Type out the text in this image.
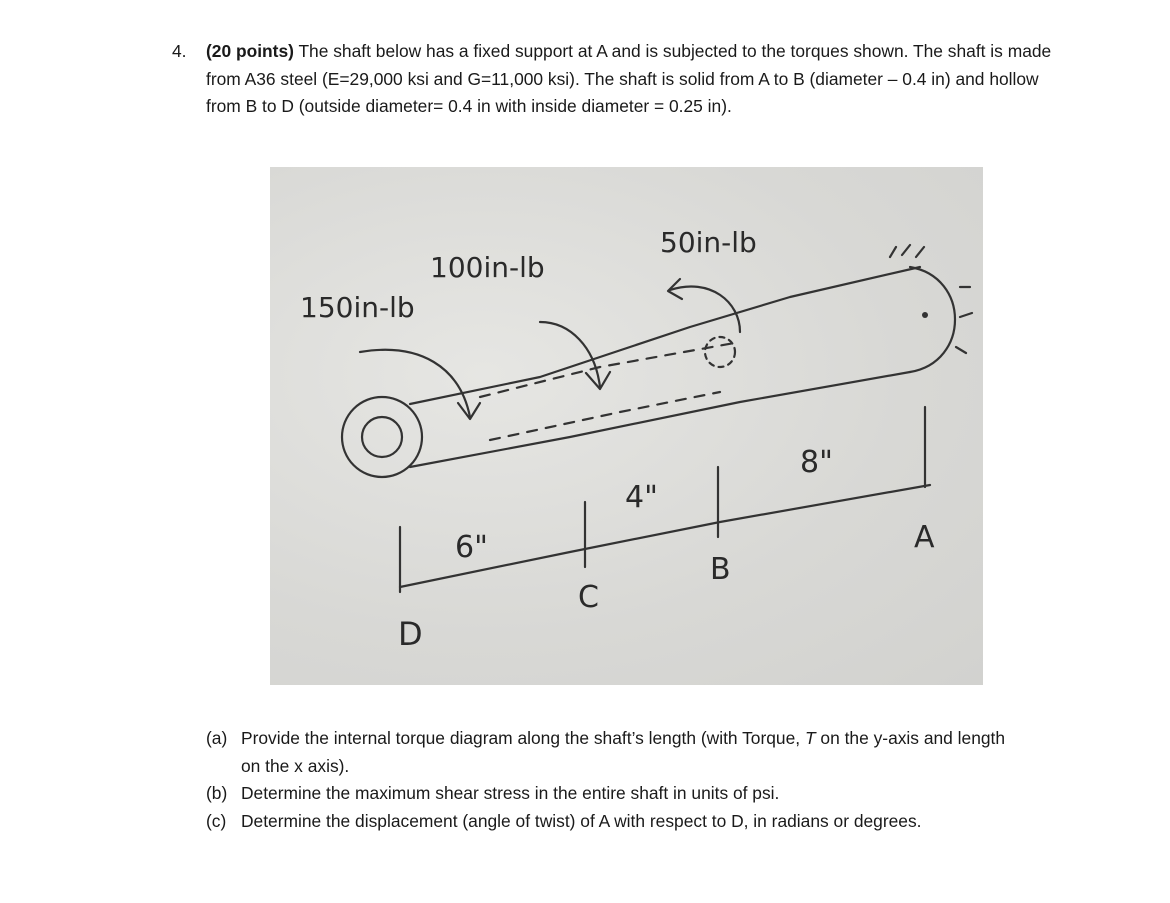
4. (20 points) The shaft below has a fixed support at A and is subjected to the torques shown. The shaft is made from A36 steel (E=29,000 ksi and G=11,000 ksi). The shaft is solid from A to B (diameter – 0.4 in) and hollow from B to D (outside diameter= 0.4 in with inside diameter = 0.25 in).
150in-lb
100in-lb
50in-lb
6"
4"
8"
D
C
B
A
(a) Provide the internal torque diagram along the shaft’s length (with Torque, T on the y-axis and length on the x axis).
(b) Determine the maximum shear stress in the entire shaft in units of psi.
(c) Determine the displacement (angle of twist) of A with respect to D, in radians or degrees.
